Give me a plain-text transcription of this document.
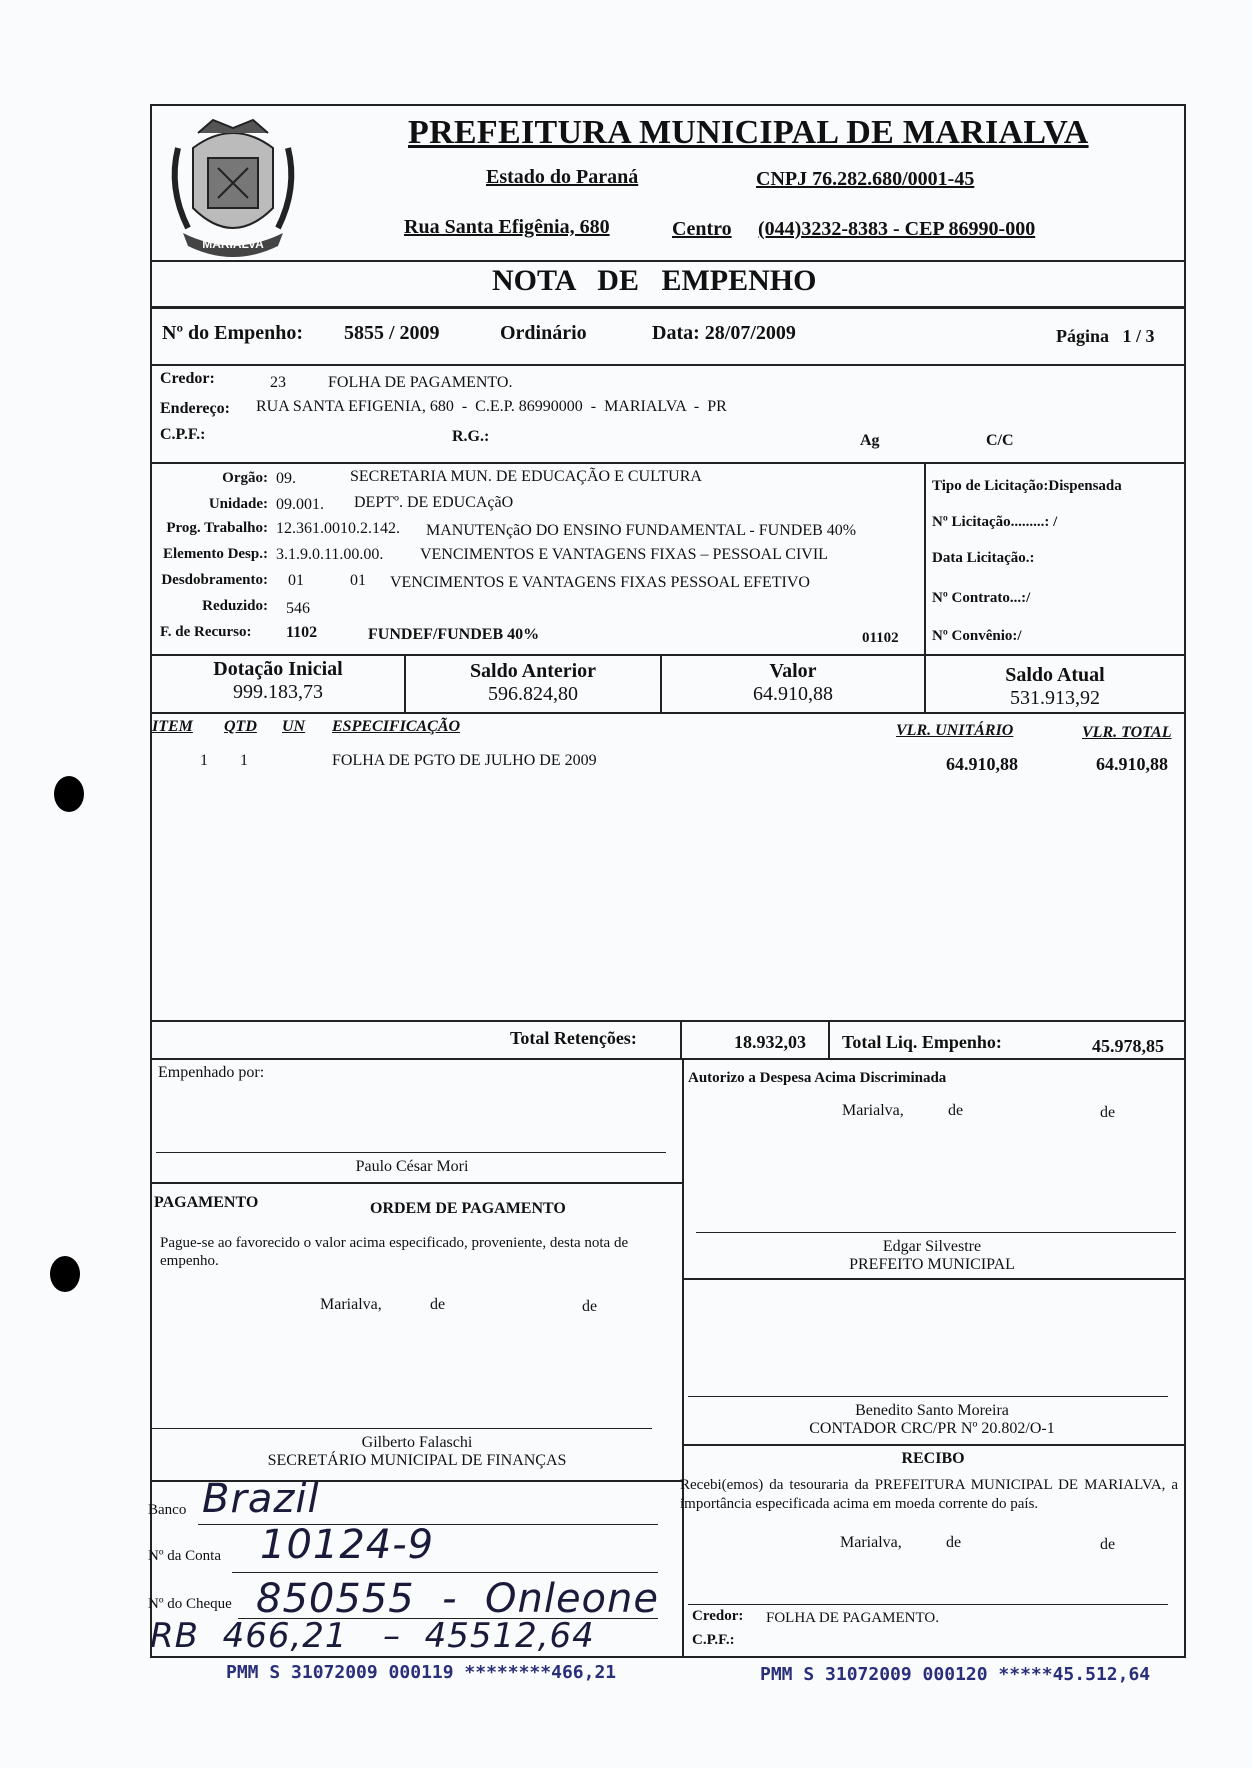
MARIALVA
PREFEITURA MUNICIPAL DE MARIALVA
Estado do Paraná	CNPJ 76.282.680/0001-45
Rua Santa Efigênia, 680	Centro (044)3232-8383 - CEP 86990-000
NOTA   DE   EMPENHO
Nº do Empenho: 5855 / 2009	Ordinário	Data: 28/07/2009	Página   1 / 3
Credor:	23	FOLHA DE PAGAMENTO.
Endereço: RUA SANTA EFIGENIA, 680  -  C.E.P. 86990000  -  MARIALVA  -  PR
C.P.F.:	R.G.:	Ag	C/C
Orgão: 09.	SECRETARIA MUN. DE EDUCAÇÃO E CULTURA
Unidade: 09.001. DEPTº. DE EDUCAçãO
Prog. Trabalho: 12.361.0010.2.142. MANUTENçãO DO ENSINO FUNDAMENTAL - FUNDEB 40%
Elemento Desp.: 3.1.9.0.11.00.00. VENCIMENTOS E VANTAGENS FIXAS – PESSOAL CIVIL
Desdobramento: 01	01 VENCIMENTOS E VANTAGENS FIXAS PESSOAL EFETIVO
Reduzido: 546
F. de Recurso: 1102	FUNDEF/FUNDEB 40%	01102
Tipo de Licitação:Dispensada
Nº Licitação.........: /
Data Licitação.:
Nº Contrato...:/
Nº Convênio:/
Dotação Inicial
999.183,73
Saldo Anterior
596.824,80
Valor
64.910,88
Saldo Atual
531.913,92
ITEM QTD UN ESPECIFICAÇÃO	VLR. UNITÁRIO	VLR. TOTAL
1 1	FOLHA DE PGTO DE JULHO DE 2009	64.910,88	64.910,88
Total Retenções:	18.932,03 Total Liq. Empenho:	45.978,85
Empenhado por:
Paulo César Mori
Autorizo a Despesa Acima Discriminada
Marialva,	de	de
Edgar Silvestre
PREFEITO MUNICIPAL
PAGAMENTO	ORDEM DE PAGAMENTO
Pague-se ao favorecido o valor acima especificado, proveniente, desta nota de empenho.
Marialva,	de	de
Gilberto Falaschi
SECRETÁRIO MUNICIPAL DE FINANÇAS
Benedito Santo Moreira
CONTADOR CRC/PR Nº 20.802/O-1
RECIBO
Recebi(emos) da tesouraria da PREFEITURA MUNICIPAL DE MARIALVA, a importância especificada acima em moeda corrente do país.
Marialva,	de	de
Credor: FOLHA DE PAGAMENTO.
C.P.F.:
Banco Brazil
Nº da Conta 10124-9
Nº do Cheque 850555  -  Onleone
RB  466,21   –  45512,64
PMM S 31072009 000119 ********466,21	PMM S 31072009 000120 *****45.512,64
